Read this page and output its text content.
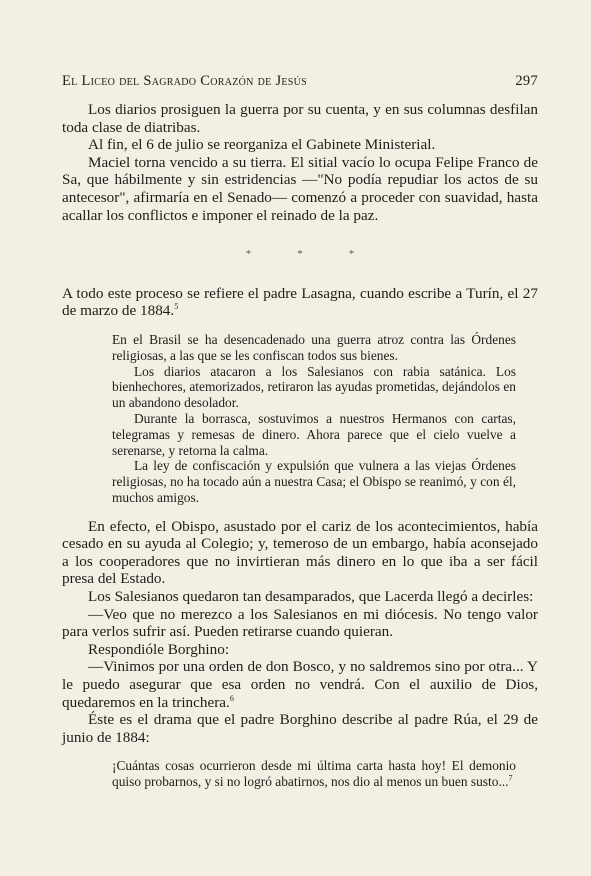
El Liceo del Sagrado Corazón de Jesús	297

Los diarios prosiguen la guerra por su cuenta, y en sus columnas desfilan toda clase de diatribas.

Al fin, el 6 de julio se reorganiza el Gabinete Ministerial.

Maciel torna vencido a su tierra. El sitial vacío lo ocupa Felipe Franco de Sa, que hábilmente y sin estridencias —"No podía repudiar los actos de su antecesor", afirmaría en el Senado— comenzó a proceder con suavidad, hasta acallar los conflictos e imponer el reinado de la paz.

*	*	*

A todo este proceso se refiere el padre Lasagna, cuando escribe a Turín, el 27 de marzo de 1884.$^5$

En el Brasil se ha desencadenado una guerra atroz contra las Órdenes religiosas, a las que se les confiscan todos sus bienes.

Los diarios atacaron a los Salesianos con rabia satánica. Los bienhechores, atemorizados, retiraron las ayudas prometidas, dejándolos en un abandono desolador.

Durante la borrasca, sostuvimos a nuestros Hermanos con cartas, telegramas y remesas de dinero. Ahora parece que el cielo vuelve a serenarse, y retorna la calma.

La ley de confiscación y expulsión que vulnera a las viejas Órdenes religiosas, no ha tocado aún a nuestra Casa; el Obispo se reanimó, y con él, muchos amigos.

En efecto, el Obispo, asustado por el cariz de los acontecimientos, había cesado en su ayuda al Colegio; y, temeroso de un embargo, había aconsejado a los cooperadores que no invirtieran más dinero en lo que iba a ser fácil presa del Estado.

Los Salesianos quedaron tan desamparados, que Lacerda llegó a decirles:

—Veo que no merezco a los Salesianos en mi diócesis. No tengo valor para verlos sufrir así. Pueden retirarse cuando quieran.

Respondióle Borghino:

—Vinimos por una orden de don Bosco, y no saldremos sino por otra... Y le puedo asegurar que esa orden no vendrá. Con el auxilio de Dios, quedaremos en la trinchera.$^6$

Éste es el drama que el padre Borghino describe al padre Rúa, el 29 de junio de 1884:

¡Cuántas cosas ocurrieron desde mi última carta hasta hoy! El demonio quiso probarnos, y si no logró abatirnos, nos dio al menos un buen susto...$^7$
